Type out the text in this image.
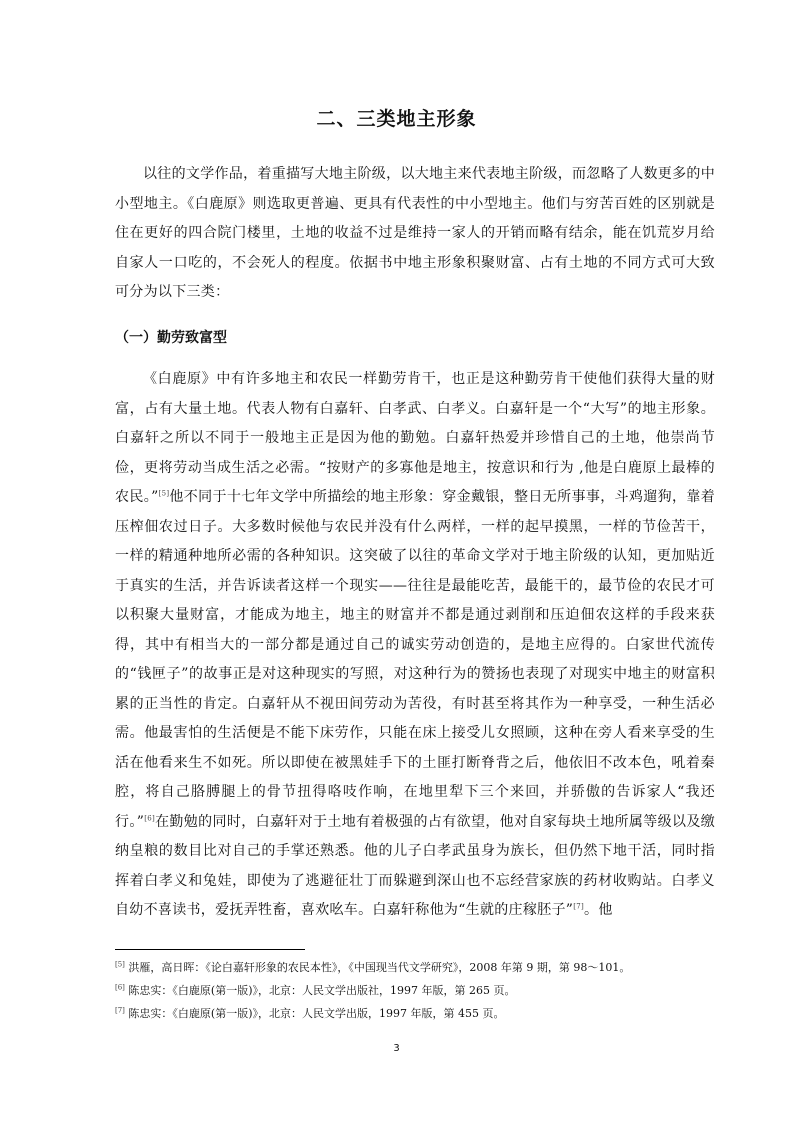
二、三类地主形象

以往的文学作品，着重描写大地主阶级，以大地主来代表地主阶级，而忽略了人数更多的中小型地主。《白鹿原》则选取更普遍、更具有代表性的中小型地主。他们与穷苦百姓的区别就是住在更好的四合院门楼里，土地的收益不过是维持一家人的开销而略有结余，能在饥荒岁月给自家人一口吃的，不会死人的程度。依据书中地主形象积聚财富、占有土地的不同方式可大致可分为以下三类：

（一）勤劳致富型

《白鹿原》中有许多地主和农民一样勤劳肯干，也正是这种勤劳肯干使他们获得大量的财富，占有大量土地。代表人物有白嘉轩、白孝武、白孝义。白嘉轩是一个“大写”的地主形象。白嘉轩之所以不同于一般地主正是因为他的勤勉。白嘉轩热爱并珍惜自己的土地，他崇尚节俭，更将劳动当成生活之必需。“按财产的多寡他是地主，按意识和行为 ,他是白鹿原上最棒的农民。”[5]他不同于十七年文学中所描绘的地主形象：穿金戴银，整日无所事事，斗鸡遛狗，靠着压榨佃农过日子。大多数时候他与农民并没有什么两样，一样的起早摸黑，一样的节俭苦干，一样的精通种地所必需的各种知识。这突破了以往的革命文学对于地主阶级的认知，更加贴近于真实的生活，并告诉读者这样一个现实——往往是最能吃苦，最能干的，最节俭的农民才可以积聚大量财富，才能成为地主，地主的财富并不都是通过剥削和压迫佃农这样的手段来获得，其中有相当大的一部分都是通过自己的诚实劳动创造的，是地主应得的。白家世代流传的“钱匣子”的故事正是对这种现实的写照，对这种行为的赞扬也表现了对现实中地主的财富积累的正当性的肯定。白嘉轩从不视田间劳动为苦役，有时甚至将其作为一种享受，一种生活必需。他最害怕的生活便是不能下床劳作，只能在床上接受儿女照顾，这种在旁人看来享受的生活在他看来生不如死。所以即使在被黑娃手下的土匪打断脊背之后，他依旧不改本色，吼着秦腔，将自己胳膊腿上的骨节扭得咯吱作响，在地里犁下三个来回，并骄傲的告诉家人“我还行。”[6]在勤勉的同时，白嘉轩对于土地有着极强的占有欲望，他对自家每块土地所属等级以及缴纳皇粮的数目比对自己的手掌还熟悉。他的儿子白孝武虽身为族长，但仍然下地干活，同时指挥着白孝义和兔娃，即使为了逃避征壮丁而躲避到深山也不忘经营家族的药材收购站。白孝义自幼不喜读书，爱抚弄牲畜，喜欢吆车。白嘉轩称他为“生就的庄稼胚子”[7]。他

[5] 洪雁，高日晖：《论白嘉轩形象的农民本性》，《中国现当代文学研究》，2008 年第 9 期，第 98～101。
[6] 陈忠实：《白鹿原(第一版)》，北京：人民文学出版社，1997 年版，第 265 页。
[7] 陈忠实：《白鹿原(第一版)》，北京：人民文学出版，1997 年版，第 455 页。
3
